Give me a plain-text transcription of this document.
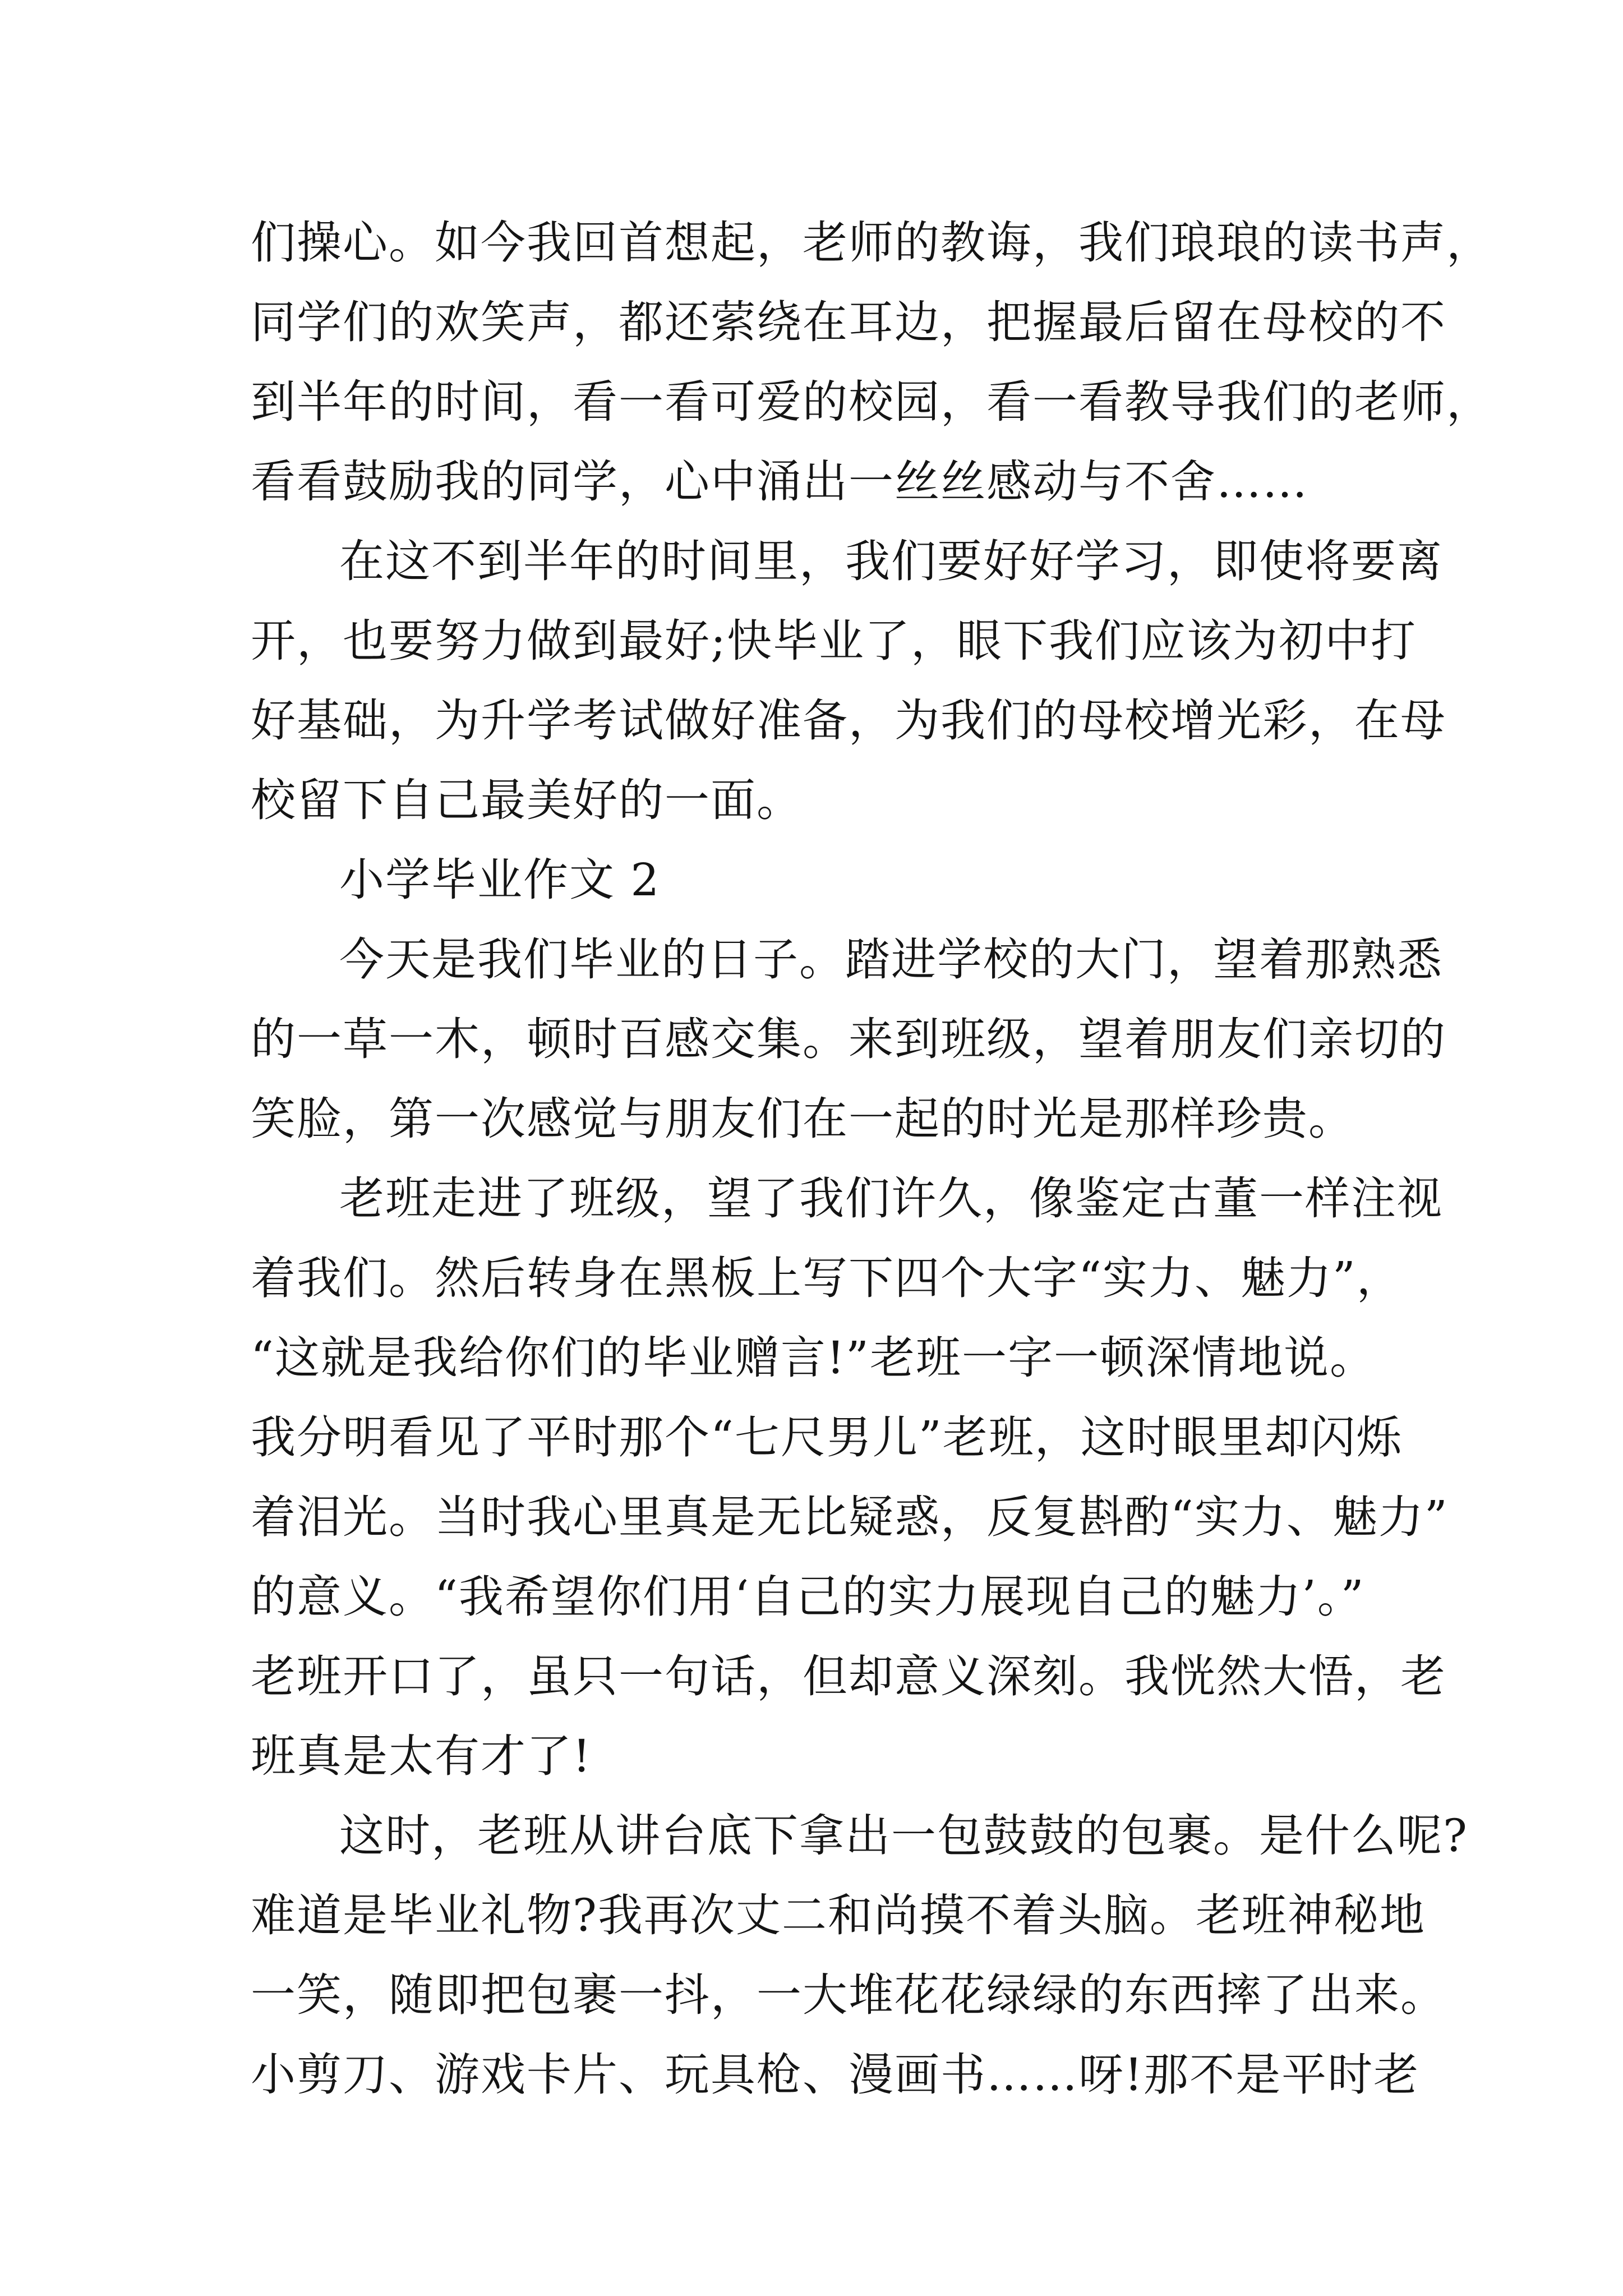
们操心。如今我回首想起，老师的教诲，我们琅琅的读书声，
同学们的欢笑声，都还萦绕在耳边，把握最后留在母校的不
到半年的时间，看一看可爱的校园，看一看教导我们的老师，
看看鼓励我的同学，心中涌出一丝丝感动与不舍……
在这不到半年的时间里，我们要好好学习，即使将要离
开，也要努力做到最好;快毕业了，眼下我们应该为初中打
好基础，为升学考试做好准备，为我们的母校增光彩，在母
校留下自己最美好的一面。
小学毕业作文 2
今天是我们毕业的日子。踏进学校的大门，望着那熟悉
的一草一木，顿时百感交集。来到班级，望着朋友们亲切的
笑脸，第一次感觉与朋友们在一起的时光是那样珍贵。
老班走进了班级，望了我们许久，像鉴定古董一样注视
着我们。然后转身在黑板上写下四个大字“实力、魅力”，
“这就是我给你们的毕业赠言!”老班一字一顿深情地说。
我分明看见了平时那个“七尺男儿”老班，这时眼里却闪烁
着泪光。当时我心里真是无比疑惑，反复斟酌“实力、魅力”
的意义。“我希望你们用‘自己的实力展现自己的魅力’。”
老班开口了，虽只一句话，但却意义深刻。我恍然大悟，老
班真是太有才了!
这时，老班从讲台底下拿出一包鼓鼓的包裹。是什么呢?
难道是毕业礼物?我再次丈二和尚摸不着头脑。老班神秘地
一笑，随即把包裹一抖，一大堆花花绿绿的东西摔了出来。
小剪刀、游戏卡片、玩具枪、漫画书……呀!那不是平时老
